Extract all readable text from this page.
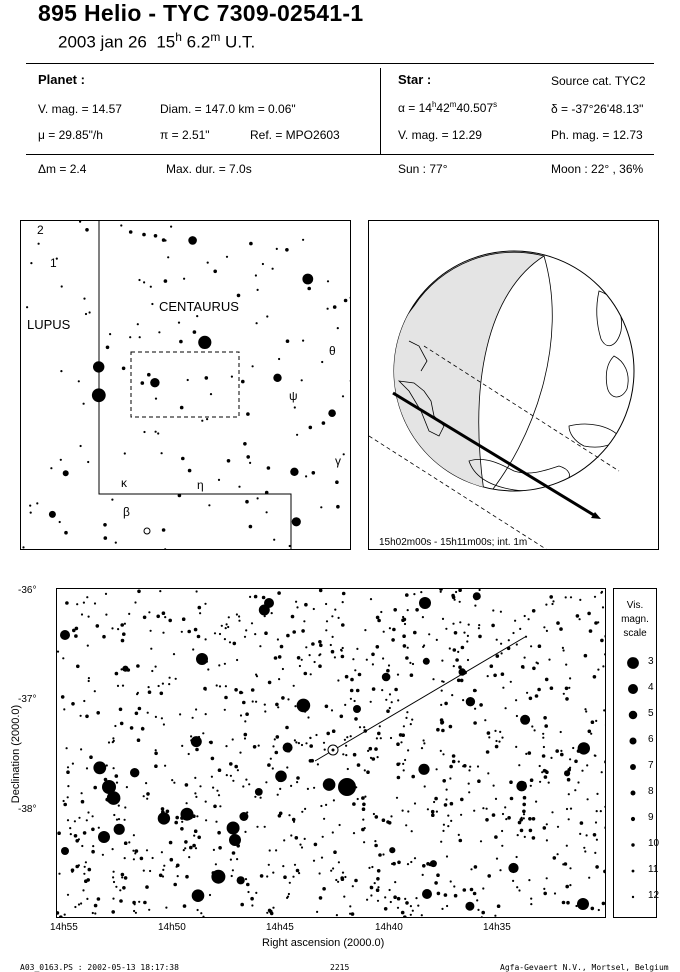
895 Helio - TYC 7309-02541-1
2003 jan 26 15$^h$ 6.2$^m$ U.T.
Planet :
V. mag. = 14.57	Diam. = 147.0 km = 0.06"
μ = 29.85"/h	π = 2.51"	Ref. = MPO2603
Star :	Source cat. TYC2
$\alpha = 14^h42^m40.507^s$	δ = -37°26'48.13"
V. mag. = 12.29	Ph. mag. = 12.73
Δm = 2.4	Max. dur. = 7.0s	Sun : 77°	Moon : 22° , 36%
LUPUS
CENTAURUS
2
1
θ
ψ
γ
κ	η
β
15h02m00s - 15h11m00s; int. 1m
-36°
-37°
-38°
Declination (2000.0)
14h55	14h50	14h45	14h40	14h35
Right ascension (2000.0)
Vis.
magn.
scale
3
4
5
6
7
8
9
10
11
12
A03_0163.PS : 2002-05-13 18:17:38	2215	Agfa-Gevaert N.V., Mortsel, Belgium
